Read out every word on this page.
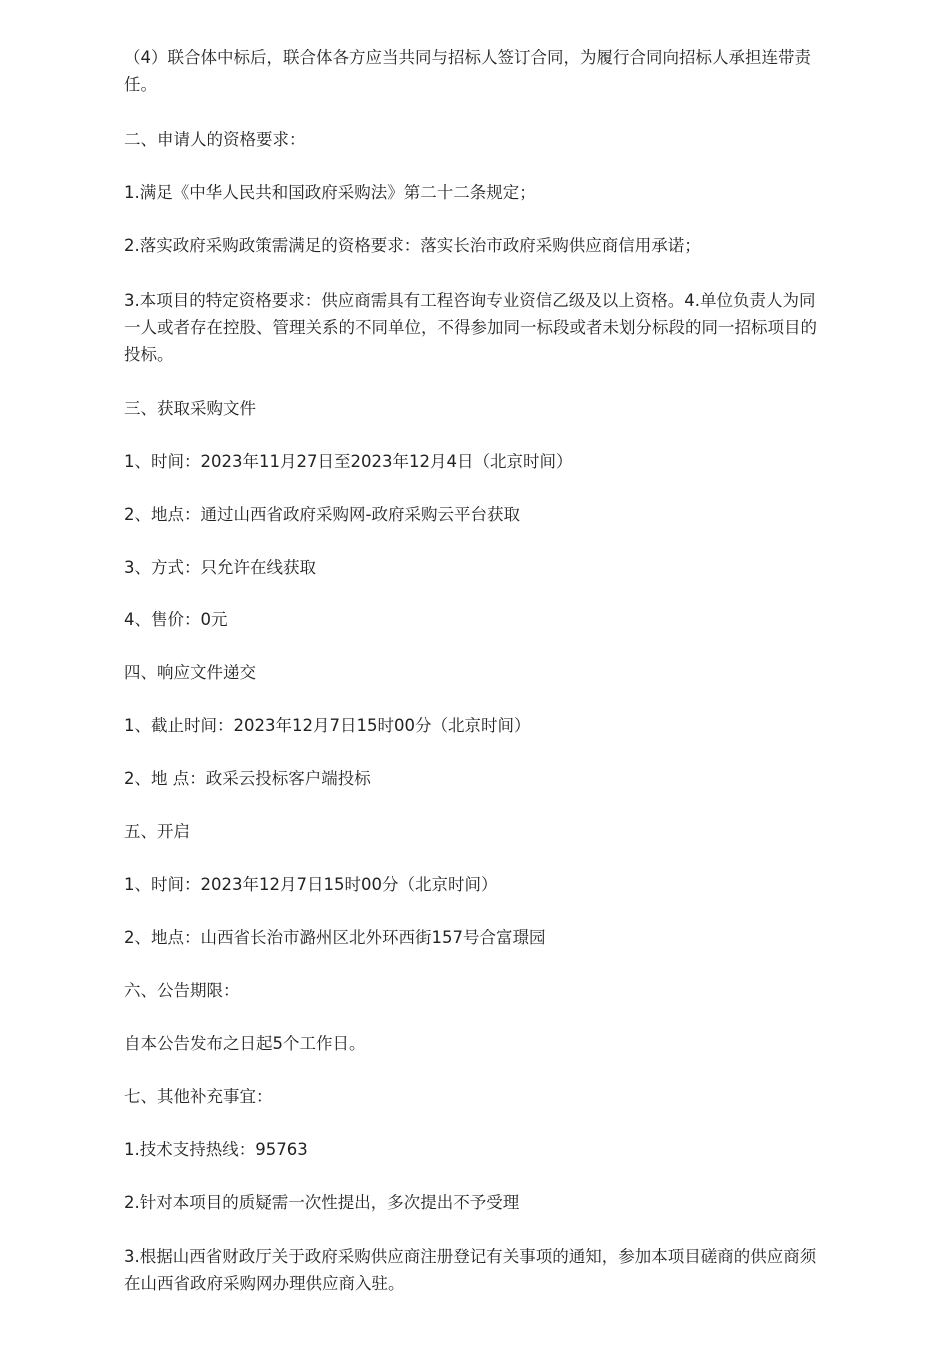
（4）联合体中标后，联合体各方应当共同与招标人签订合同，为履行合同向招标人承担连带责任。

二、申请人的资格要求：

1.满足《中华人民共和国政府采购法》第二十二条规定；

2.落实政府采购政策需满足的资格要求：落实长治市政府采购供应商信用承诺；

3.本项目的特定资格要求：供应商需具有工程咨询专业资信乙级及以上资格。4.单位负责人为同一人或者存在控股、管理关系的不同单位，不得参加同一标段或者未划分标段的同一招标项目的投标。

三、获取采购文件

1、时间：2023年11月27日至2023年12月4日（北京时间）

2、地点：通过山西省政府采购网-政府采购云平台获取

3、方式：只允许在线获取

4、售价：0元

四、响应文件递交

1、截止时间：2023年12月7日15时00分（北京时间）

2、地 点：政采云投标客户端投标

五、开启

1、时间：2023年12月7日15时00分（北京时间）

2、地点：山西省长治市潞州区北外环西街157号合富璟园

六、公告期限：

自本公告发布之日起5个工作日。

七、其他补充事宜：

1.技术支持热线：95763

2.针对本项目的质疑需一次性提出，多次提出不予受理

3.根据山西省财政厅关于政府采购供应商注册登记有关事项的通知，参加本项目磋商的供应商须在山西省政府采购网办理供应商入驻。
